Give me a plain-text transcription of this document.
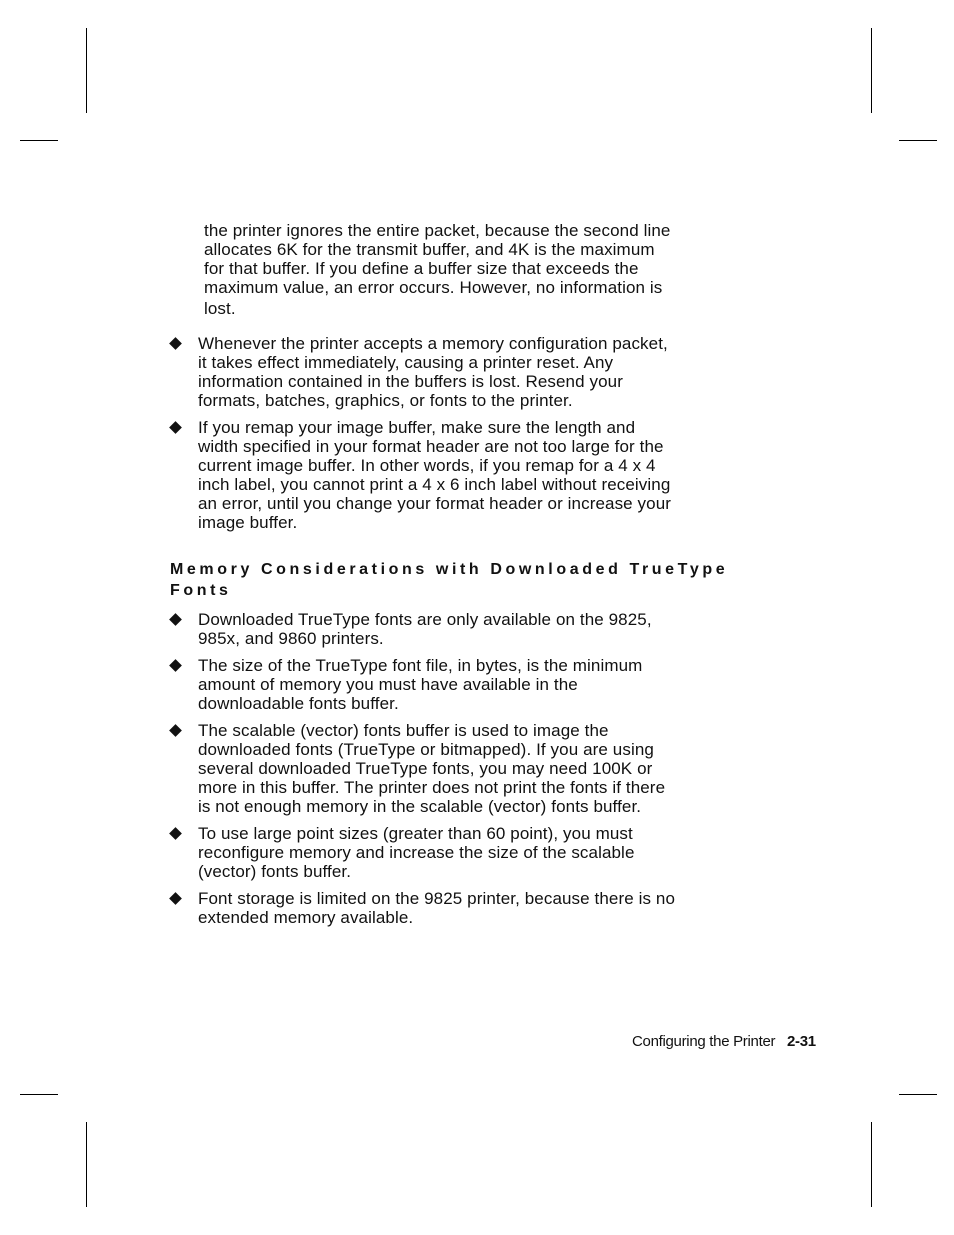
the printer ignores the entire packet, because the second line
allocates 6K for the transmit buffer, and 4K is the maximum
for that buffer. If you define a buffer size that exceeds the
maximum value, an error occurs. However, no information is
lost.
Whenever the printer accepts a memory configuration packet,
it takes effect immediately, causing a printer reset. Any
information contained in the buffers is lost. Resend your
formats, batches, graphics, or fonts to the printer.
If you remap your image buffer, make sure the length and
width specified in your format header are not too large for the
current image buffer. In other words, if you remap for a 4 x 4
inch label, you cannot print a 4 x 6 inch label without receiving
an error, until you change your format header or increase your
image buffer.
Memory Considerations with Downloaded TrueType
Fonts
Downloaded TrueType fonts are only available on the 9825,
985x, and 9860 printers.
The size of the TrueType font file, in bytes, is the minimum
amount of memory you must have available in the
downloadable fonts buffer.
The scalable (vector) fonts buffer is used to image the
downloaded fonts (TrueType or bitmapped). If you are using
several downloaded TrueType fonts, you may need 100K or
more in this buffer. The printer does not print the fonts if there
is not enough memory in the scalable (vector) fonts buffer.
To use large point sizes (greater than 60 point), you must
reconfigure memory and increase the size of the scalable
(vector) fonts buffer.
Font storage is limited on the 9825 printer, because there is no
extended memory available.
Configuring the Printer 2-31
